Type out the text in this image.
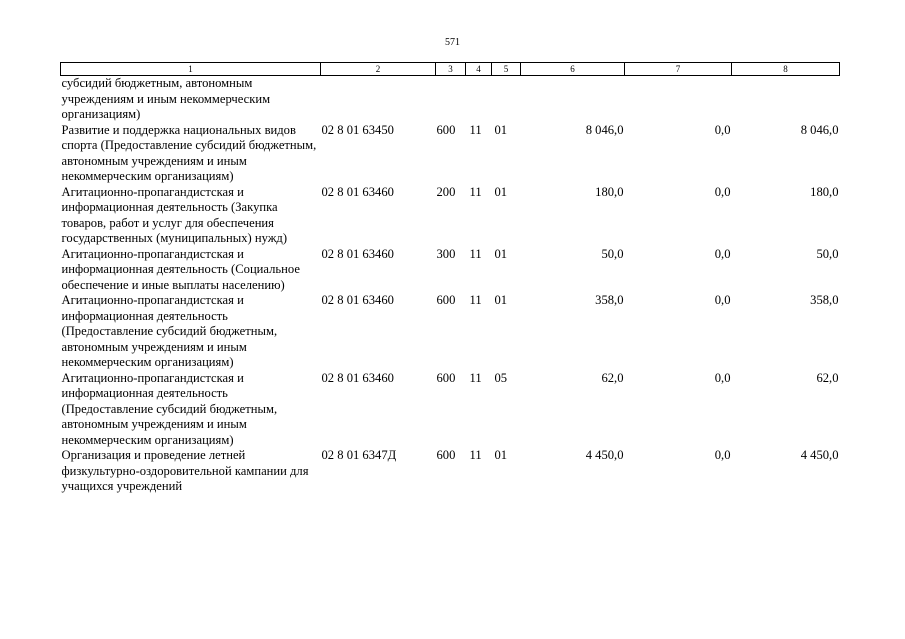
571
1	2	3	4	5	6	7	8
субсидий бюджетным, автономным учреждениям и иным некоммерческим организациям)							
Развитие и поддержка национальных видов спорта (Предоставление субсидий бюджетным, автономным учреждениям и иным некоммерческим организациям)	02 8 01 63450	600	11	01	8 046,0	0,0	8 046,0
Агитационно-пропагандистская и информационная деятельность (Закупка товаров, работ и услуг для обеспечения государственных (муниципальных) нужд)	02 8 01 63460	200	11	01	180,0	0,0	180,0
Агитационно-пропагандистская и информационная деятельность (Социальное обеспечение и иные выплаты населению)	02 8 01 63460	300	11	01	50,0	0,0	50,0
Агитационно-пропагандистская и информационная деятельность (Предоставление субсидий бюджетным, автономным учреждениям и иным некоммерческим организациям)	02 8 01 63460	600	11	01	358,0	0,0	358,0
Агитационно-пропагандистская и информационная деятельность (Предоставление субсидий бюджетным, автономным учреждениям и иным некоммерческим организациям)	02 8 01 63460	600	11	05	62,0	0,0	62,0
Организация и проведение летней физкультурно-оздоровительной кампании для учащихся учреждений	02 8 01 6347Д	600	11	01	4 450,0	0,0	4 450,0
